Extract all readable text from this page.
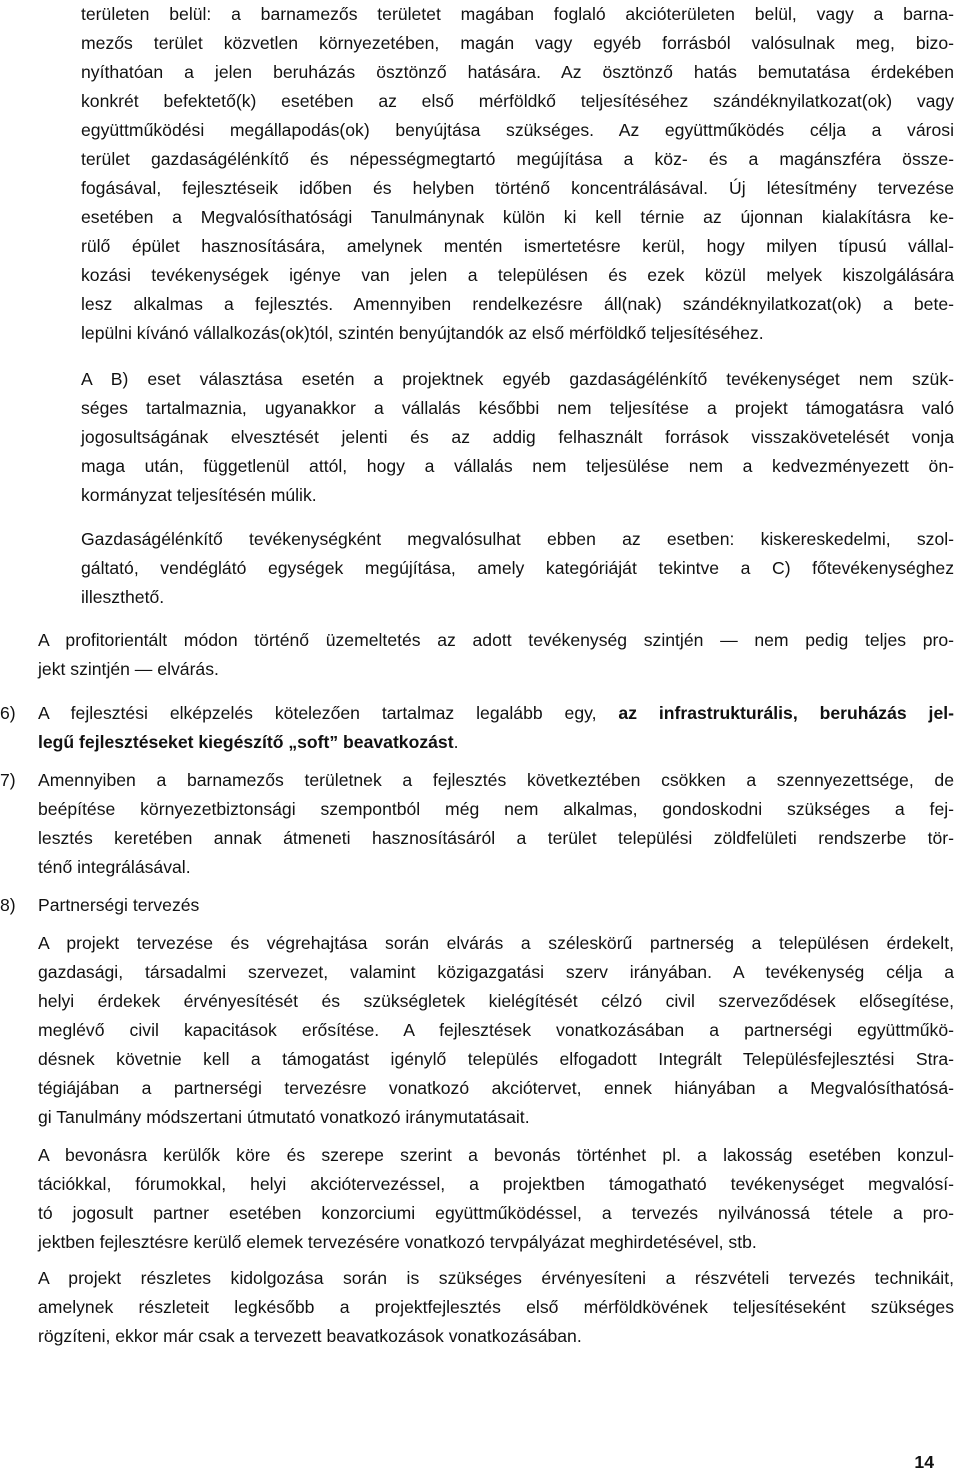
területen belül: a barnamezős területet magában foglaló akcióterületen belül, vagy a barna-
mezős terület közvetlen környezetében, magán vagy egyéb forrásból valósulnak meg, bizo-
nyíthatóan a jelen beruházás ösztönző hatására. Az ösztönző hatás bemutatása érdekében
konkrét befektető(k) esetében az első mérföldkő teljesítéséhez szándéknyilatkozat(ok) vagy
együttműködési megállapodás(ok) benyújtása szükséges. Az együttműködés célja a városi
terület gazdaságélénkítő és népességmegtartó megújítása a köz- és a magánszféra össze-
fogásával, fejlesztéseik időben és helyben történő koncentrálásával. Új létesítmény tervezése
esetében a Megvalósíthatósági Tanulmánynak külön ki kell térnie az újonnan kialakításra ke-
rülő épület hasznosítására, amelynek mentén ismertetésre kerül, hogy milyen típusú vállal-
kozási tevékenységek igénye van jelen a településen és ezek közül melyek kiszolgálására
lesz alkalmas a fejlesztés. Amennyiben rendelkezésre áll(nak) szándéknyilatkozat(ok) a bete-
lepülni kívánó vállalkozás(ok)tól, szintén benyújtandók az első mérföldkő teljesítéséhez.
A B) eset választása esetén a projektnek egyéb gazdaságélénkítő tevékenységet nem szük-
séges tartalmaznia, ugyanakkor a vállalás későbbi nem teljesítése a projekt támogatásra való
jogosultságának elvesztését jelenti és az addig felhasznált források visszakövetelését vonja
maga után, függetlenül attól, hogy a vállalás nem teljesülése nem a kedvezményezett ön-
kormányzat teljesítésén múlik.
Gazdaságélénkítő tevékenységként megvalósulhat ebben az esetben: kiskereskedelmi, szol-
gáltató, vendéglátó egységek megújítása, amely kategóriáját tekintve a C) főtevékenységhez
illeszthető.
A profitorientált módon történő üzemeltetés az adott tevékenység szintjén — nem pedig teljes pro-
jekt szintjén — elvárás.
6) A fejlesztési elképzelés kötelezően tartalmaz legalább egy, az infrastrukturális, beruházás jel-
legű fejlesztéseket kiegészítő „soft” beavatkozást.
7) Amennyiben a barnamezős területnek a fejlesztés következtében csökken a szennyezettsége, de
beépítése környezetbiztonsági szempontból még nem alkalmas, gondoskodni szükséges a fej-
lesztés keretében annak átmeneti hasznosításáról a terület települési zöldfelületi rendszerbe tör-
ténő integrálásával.
8) Partnerségi tervezés
A projekt tervezése és végrehajtása során elvárás a széleskörű partnerség a településen érdekelt,
gazdasági, társadalmi szervezet, valamint közigazgatási szerv irányában. A tevékenység célja a
helyi érdekek érvényesítését és szükségletek kielégítését célzó civil szerveződések elősegítése,
meglévő civil kapacitások erősítése. A fejlesztések vonatkozásában a partnerségi együttműkö-
désnek követnie kell a támogatást igénylő település elfogadott Integrált Településfejlesztési Stra-
tégiájában a partnerségi tervezésre vonatkozó akciótervet, ennek hiányában a Megvalósíthatósá-
gi Tanulmány módszertani útmutató vonatkozó iránymutatásait.
A bevonásra kerülők köre és szerepe szerint a bevonás történhet pl. a lakosság esetében konzul-
tációkkal, fórumokkal, helyi akciótervezéssel, a projektben támogatható tevékenységet megvalósí-
tó jogosult partner esetében konzorciumi együttműködéssel, a tervezés nyilvánossá tétele a pro-
jektben fejlesztésre kerülő elemek tervezésére vonatkozó tervpályázat meghirdetésével, stb.
A projekt részletes kidolgozása során is szükséges érvényesíteni a részvételi tervezés technikáit,
amelynek részleteit legkésőbb a projektfejlesztés első mérföldkövének teljesítéseként szükséges
rögzíteni, ekkor már csak a tervezett beavatkozások vonatkozásában.
14
